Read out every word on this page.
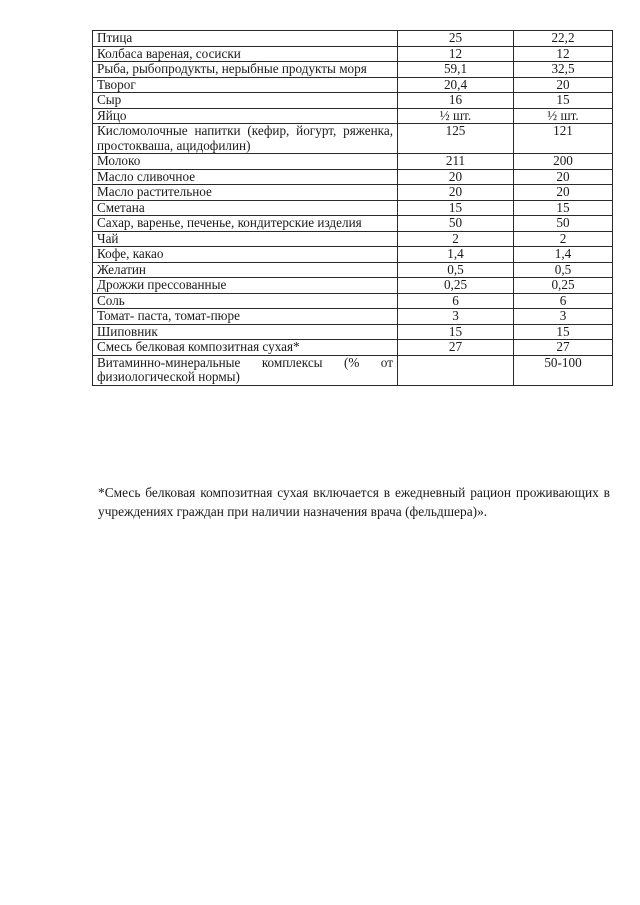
Птица	25	22,2
Колбаса вареная, сосиски	12	12
Рыба, рыбопродукты, нерыбные продукты моря	59,1	32,5
Творог	20,4	20
Сыр	16	15
Яйцо	½ шт.	½ шт.
Кисломолочные напитки (кефир, йогурт, ряженка, простокваша, ацидофилин)	125	121
Молоко	211	200
Масло сливочное	20	20
Масло растительное	20	20
Сметана	15	15
Сахар, варенье, печенье, кондитерские изделия	50	50
Чай	2	2
Кофе, какао	1,4	1,4
Желатин	0,5	0,5
Дрожжи прессованные	0,25	0,25
Соль	6	6
Томат- паста, томат-пюре	3	3
Шиповник	15	15
Смесь белковая композитная сухая*	27	27
Витаминно-минеральные комплексы (% от физиологической нормы)		50-100
*Смесь белковая композитная сухая включается в ежедневный рацион проживающих в учреждениях граждан при наличии назначения врача (фельдшера)».
